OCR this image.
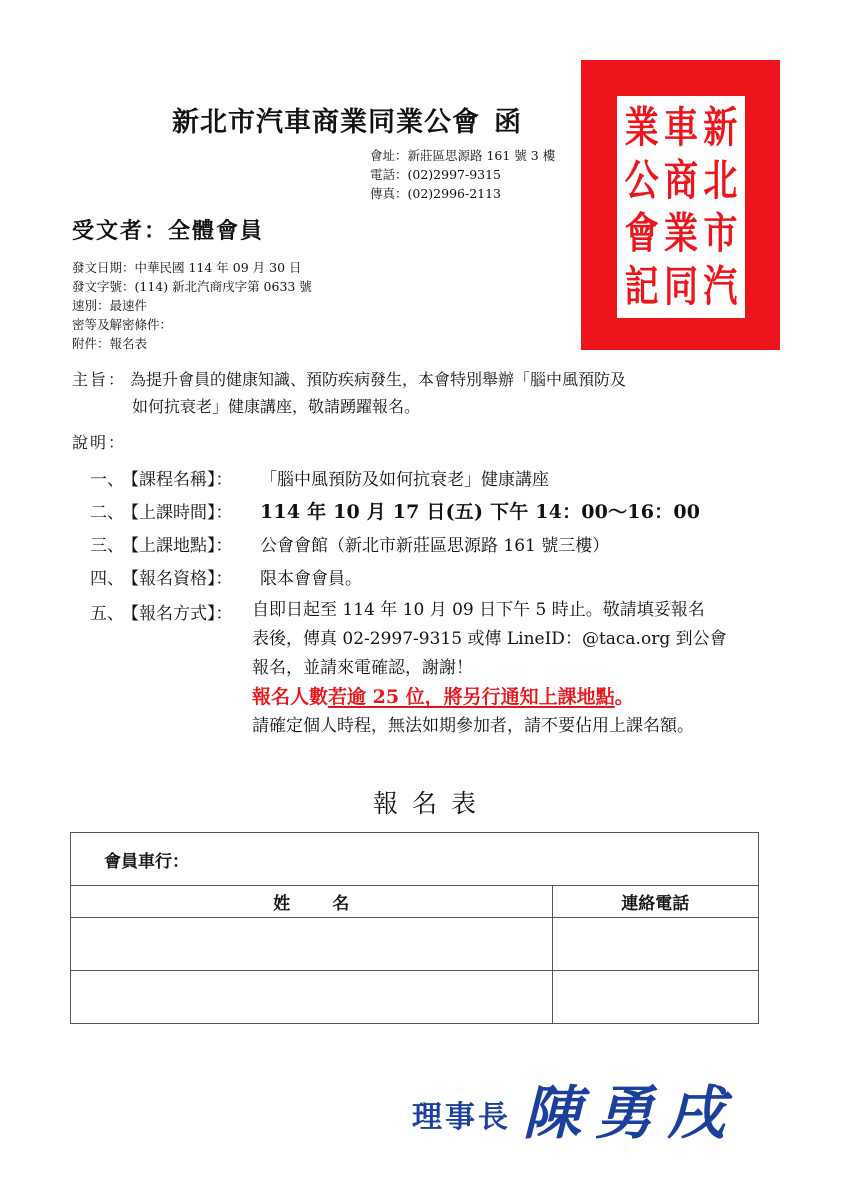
新北市汽車商業同業公會 函
會址：新莊區思源路 161 號 3 樓
電話：(02)2997-9315
傳真：(02)2996-2113
業
公
會
記
車
商
業
同
新
北
市
汽
受文者：全體會員
發文日期：中華民國 114 年 09 月 30 日
發文字號：(114) 新北汽商戌字第 0633 號
速別：最速件
密等及解密條件：
附件：報名表
主旨： 為提升會員的健康知識、預防疾病發生，本會特別舉辦「腦中風預防及
如何抗衰老」健康講座，敬請踴躍報名。
說明：
一、
【課程名稱】：	「腦中風預防及如何抗衰老」健康講座
二、
【上課時間】：	114 年 10 月 17 日(五) 下午 14：00～16：00
三、
【上課地點】：	公會會館（新北市新莊區思源路 161 號三樓）
四、
【報名資格】：	限本會會員。
五、
【報名方式】：	自即日起至 114 年 10 月 09 日下午 5 時止。敬請填妥報名
表後，傳真 02-2997-9315 或傳 LineID：@taca.org 到公會
報名，並請來電確認，謝謝！
報名人數若逾 25 位，將另行通知上課地點。
請確定個人時程，無法如期參加者，請不要佔用上課名額。
報名表
會員車行：	
姓名	連絡電話

理事長 陳勇戌
